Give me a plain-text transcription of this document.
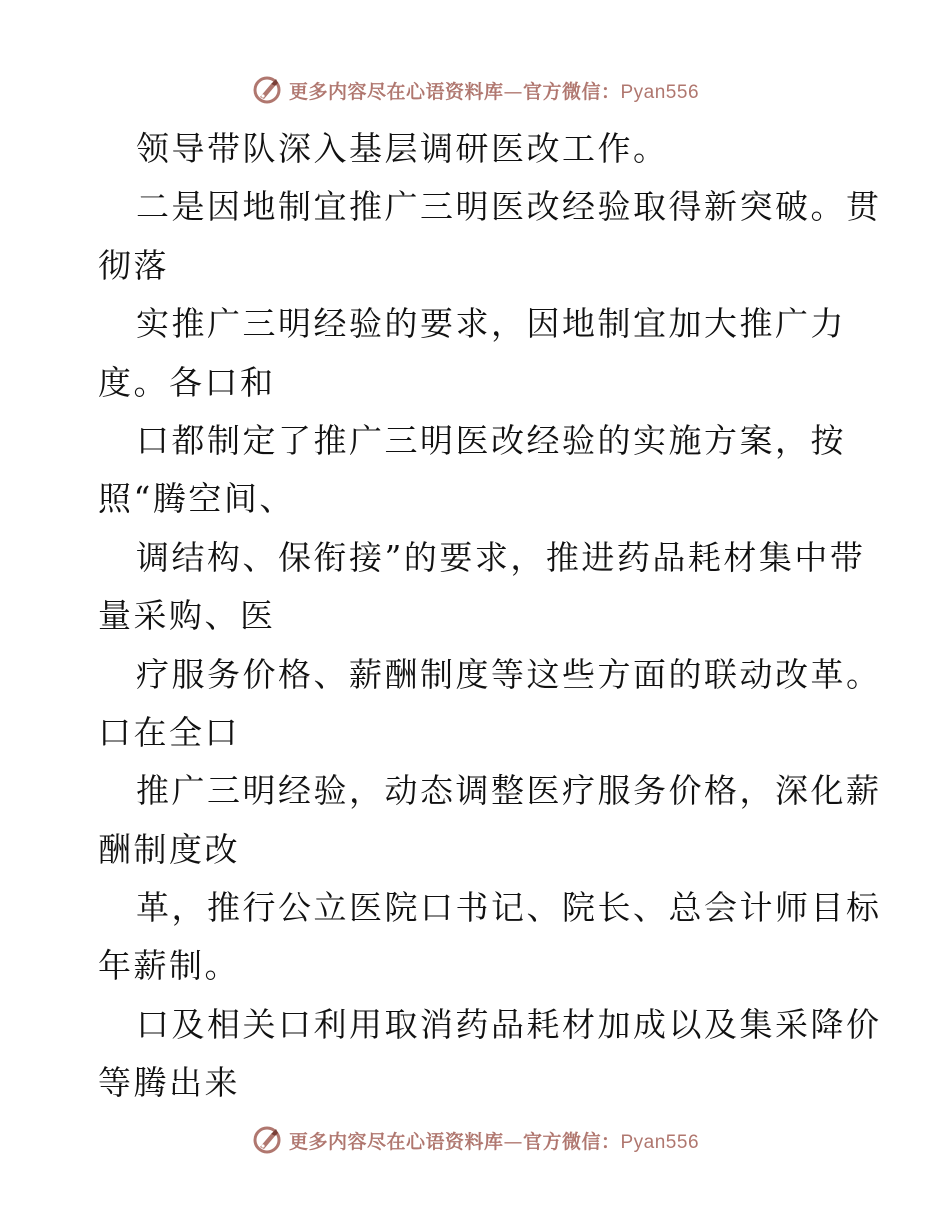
更多内容尽在心语资料库—官方微信：Pyan556
领导带队深入基层调研医改工作。
二是因地制宜推广三明医改经验取得新突破。贯
彻落
实推广三明经验的要求，因地制宜加大推广力
度。各口和
口都制定了推广三明医改经验的实施方案，按
照“腾空间、
调结构、保衔接”的要求，推进药品耗材集中带
量采购、医
疗服务价格、薪酬制度等这些方面的联动改革。
口在全口
推广三明经验，动态调整医疗服务价格，深化薪
酬制度改
革，推行公立医院口书记、院长、总会计师目标
年薪制。
口及相关口利用取消药品耗材加成以及集采降价
等腾出来
更多内容尽在心语资料库—官方微信：Pyan556
